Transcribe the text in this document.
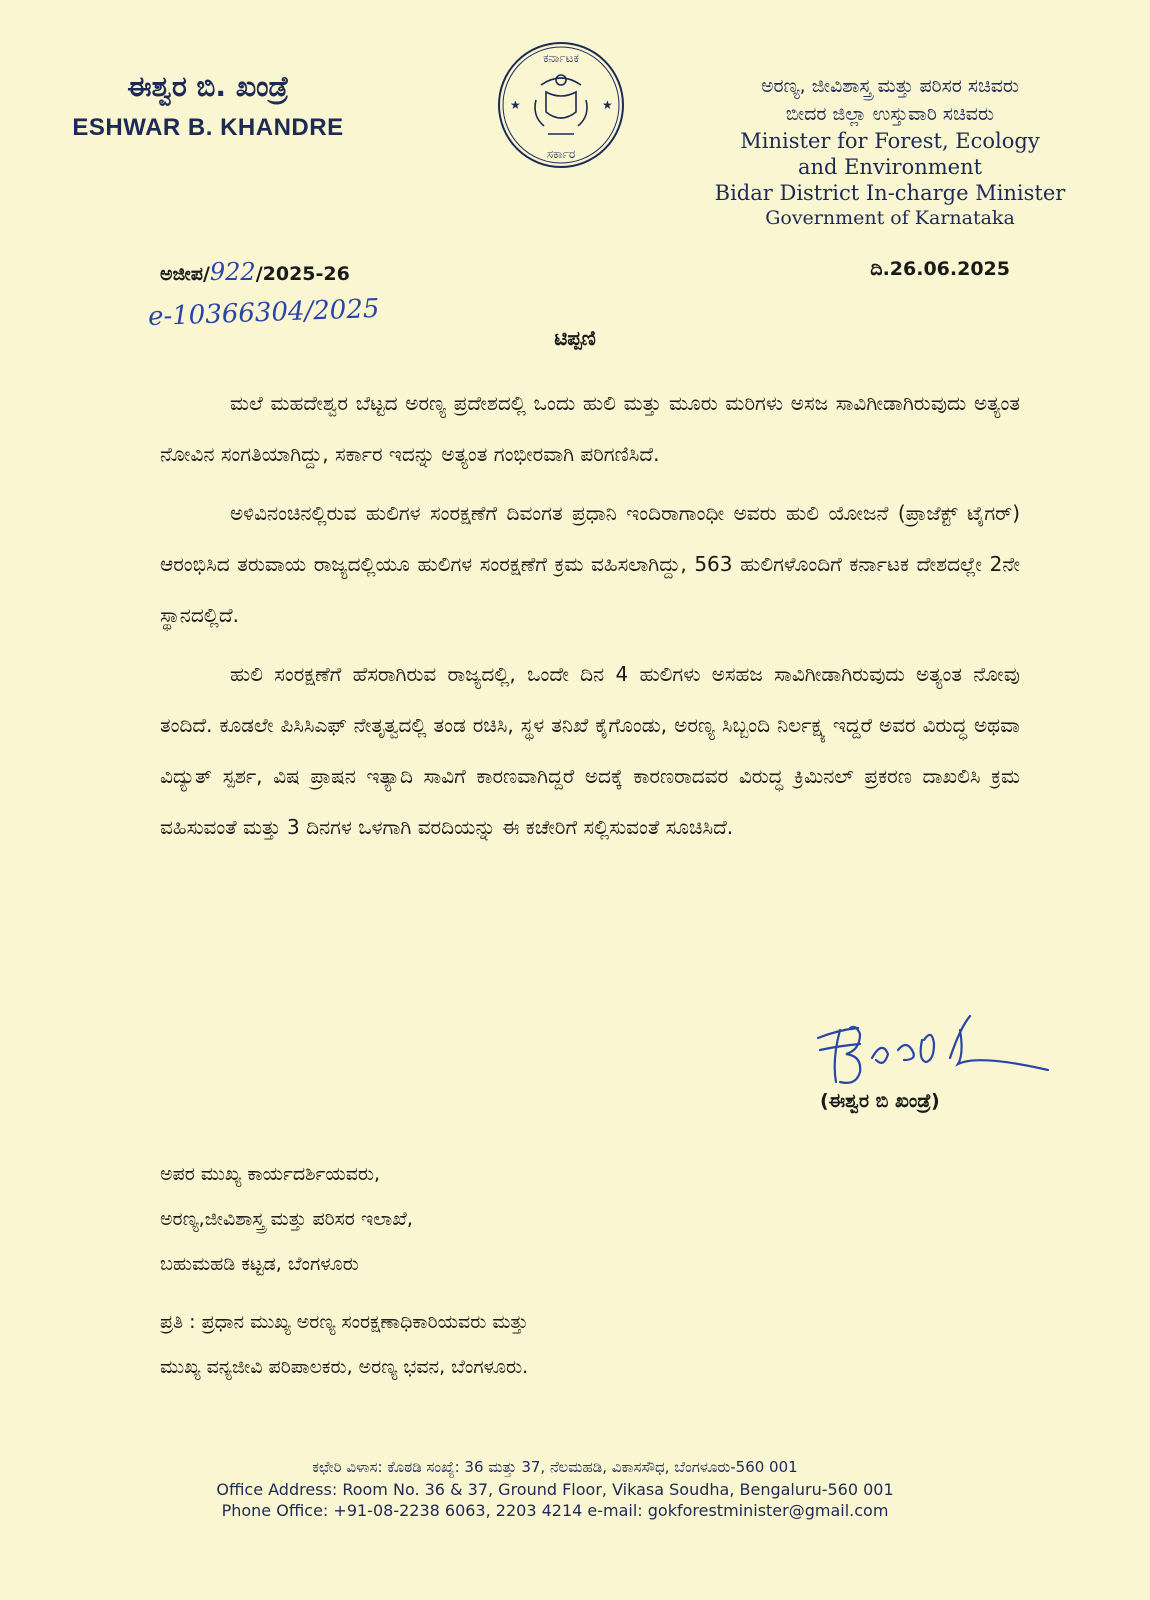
ಈಶ್ವರ ಬಿ. ಖಂಡ್ರೆ
ESHWAR B. KHANDRE
ಕರ್ನಾಟಕ
ಸರ್ಕಾರ
★	★
ಅರಣ್ಯ, ಜೀವಿಶಾಸ್ತ್ರ ಮತ್ತು ಪರಿಸರ ಸಚಿವರು
ಬೀದರ ಜಿಲ್ಲಾ ಉಸ್ತುವಾರಿ ಸಚಿವರು
Minister for Forest, Ecology
and Environment
Bidar District In-charge Minister
Government of Karnataka
ಅಜೀಪ/922/2025-26	ದಿ.26.06.2025
e-10366304/2025
ಟಿಪ್ಪಣಿ

ಮಲೆ ಮಹದೇಶ್ವರ ಬೆಟ್ಟದ ಅರಣ್ಯ ಪ್ರದೇಶದಲ್ಲಿ ಒಂದು ಹುಲಿ ಮತ್ತು ಮೂರು ಮರಿಗಳು ಅಸಜ ಸಾವಿಗೀಡಾಗಿರುವುದು ಅತ್ಯಂತ ನೋವಿನ ಸಂಗತಿಯಾಗಿದ್ದು, ಸರ್ಕಾರ ಇದನ್ನು ಅತ್ಯಂತ ಗಂಭೀರವಾಗಿ ಪರಿಗಣಿಸಿದೆ.

ಅಳಿವಿನಂಚಿನಲ್ಲಿರುವ ಹುಲಿಗಳ ಸಂರಕ್ಷಣೆಗೆ ದಿವಂಗತ ಪ್ರಧಾನಿ ಇಂದಿರಾಗಾಂಧೀ ಅವರು ಹುಲಿ ಯೋಜನೆ (ಪ್ರಾಜೆಕ್ಟ್ ಟೈಗರ್) ಆರಂಭಿಸಿದ ತರುವಾಯ ರಾಜ್ಯದಲ್ಲಿಯೂ ಹುಲಿಗಳ ಸಂರಕ್ಷಣೆಗೆ ಕ್ರಮ ವಹಿಸಲಾಗಿದ್ದು, 563 ಹುಲಿಗಳೊಂದಿಗೆ ಕರ್ನಾಟಕ ದೇಶದಲ್ಲೇ 2ನೇ ಸ್ಥಾನದಲ್ಲಿದೆ.

ಹುಲಿ ಸಂರಕ್ಷಣೆಗೆ ಹೆಸರಾಗಿರುವ ರಾಜ್ಯದಲ್ಲಿ, ಒಂದೇ ದಿನ 4 ಹುಲಿಗಳು ಅಸಹಜ ಸಾವಿಗೀಡಾಗಿರುವುದು ಅತ್ಯಂತ ನೋವು ತಂದಿದೆ. ಕೂಡಲೇ ಪಿಸಿಸಿಎಫ್ ನೇತೃತ್ವದಲ್ಲಿ ತಂಡ ರಚಿಸಿ, ಸ್ಥಳ ತನಿಖೆ ಕೈಗೊಂಡು, ಅರಣ್ಯ ಸಿಬ್ಬಂದಿ ನಿರ್ಲಕ್ಷ್ಯ ಇದ್ದರೆ ಅವರ ವಿರುದ್ಧ ಅಥವಾ ವಿದ್ಯುತ್ ಸ್ಪರ್ಶ, ವಿಷ ಪ್ರಾಷನ ಇತ್ಯಾದಿ ಸಾವಿಗೆ ಕಾರಣವಾಗಿದ್ದರೆ ಅದಕ್ಕೆ ಕಾರಣರಾದವರ ವಿರುದ್ಧ ಕ್ರಿಮಿನಲ್ ಪ್ರಕರಣ ದಾಖಲಿಸಿ ಕ್ರಮ ವಹಿಸುವಂತೆ ಮತ್ತು 3 ದಿನಗಳ ಒಳಗಾಗಿ ವರದಿಯನ್ನು ಈ ಕಚೇರಿಗೆ ಸಲ್ಲಿಸುವಂತೆ ಸೂಚಿಸಿದೆ.

(ಈಶ್ವರ ಬಿ ಖಂಡ್ರೆ)
ಅಪರ ಮುಖ್ಯ ಕಾರ್ಯದರ್ಶಿಯವರು,
ಅರಣ್ಯ,ಜೀವಿಶಾಸ್ತ್ರ ಮತ್ತು ಪರಿಸರ ಇಲಾಖೆ,
ಬಹುಮಹಡಿ ಕಟ್ಟಡ, ಬೆಂಗಳೂರು
ಪ್ರತಿ : ಪ್ರಧಾನ ಮುಖ್ಯ ಅರಣ್ಯ ಸಂರಕ್ಷಣಾಧಿಕಾರಿಯವರು ಮತ್ತು
ಮುಖ್ಯ ವನ್ಯಜೀವಿ ಪರಿಪಾಲಕರು, ಅರಣ್ಯ ಭವನ, ಬೆಂಗಳೂರು.
ಕಛೇರಿ ವಿಳಾಸ: ಕೊಠಡಿ ಸಂಖ್ಯೆ: 36 ಮತ್ತು 37, ನೆಲಮಹಡಿ, ವಿಕಾಸಸೌಧ, ಬೆಂಗಳೂರು-560 001
Office Address: Room No. 36 & 37, Ground Floor, Vikasa Soudha, Bengaluru-560 001
Phone Office: +91-08-2238 6063, 2203 4214 e-mail: gokforestminister@gmail.com
